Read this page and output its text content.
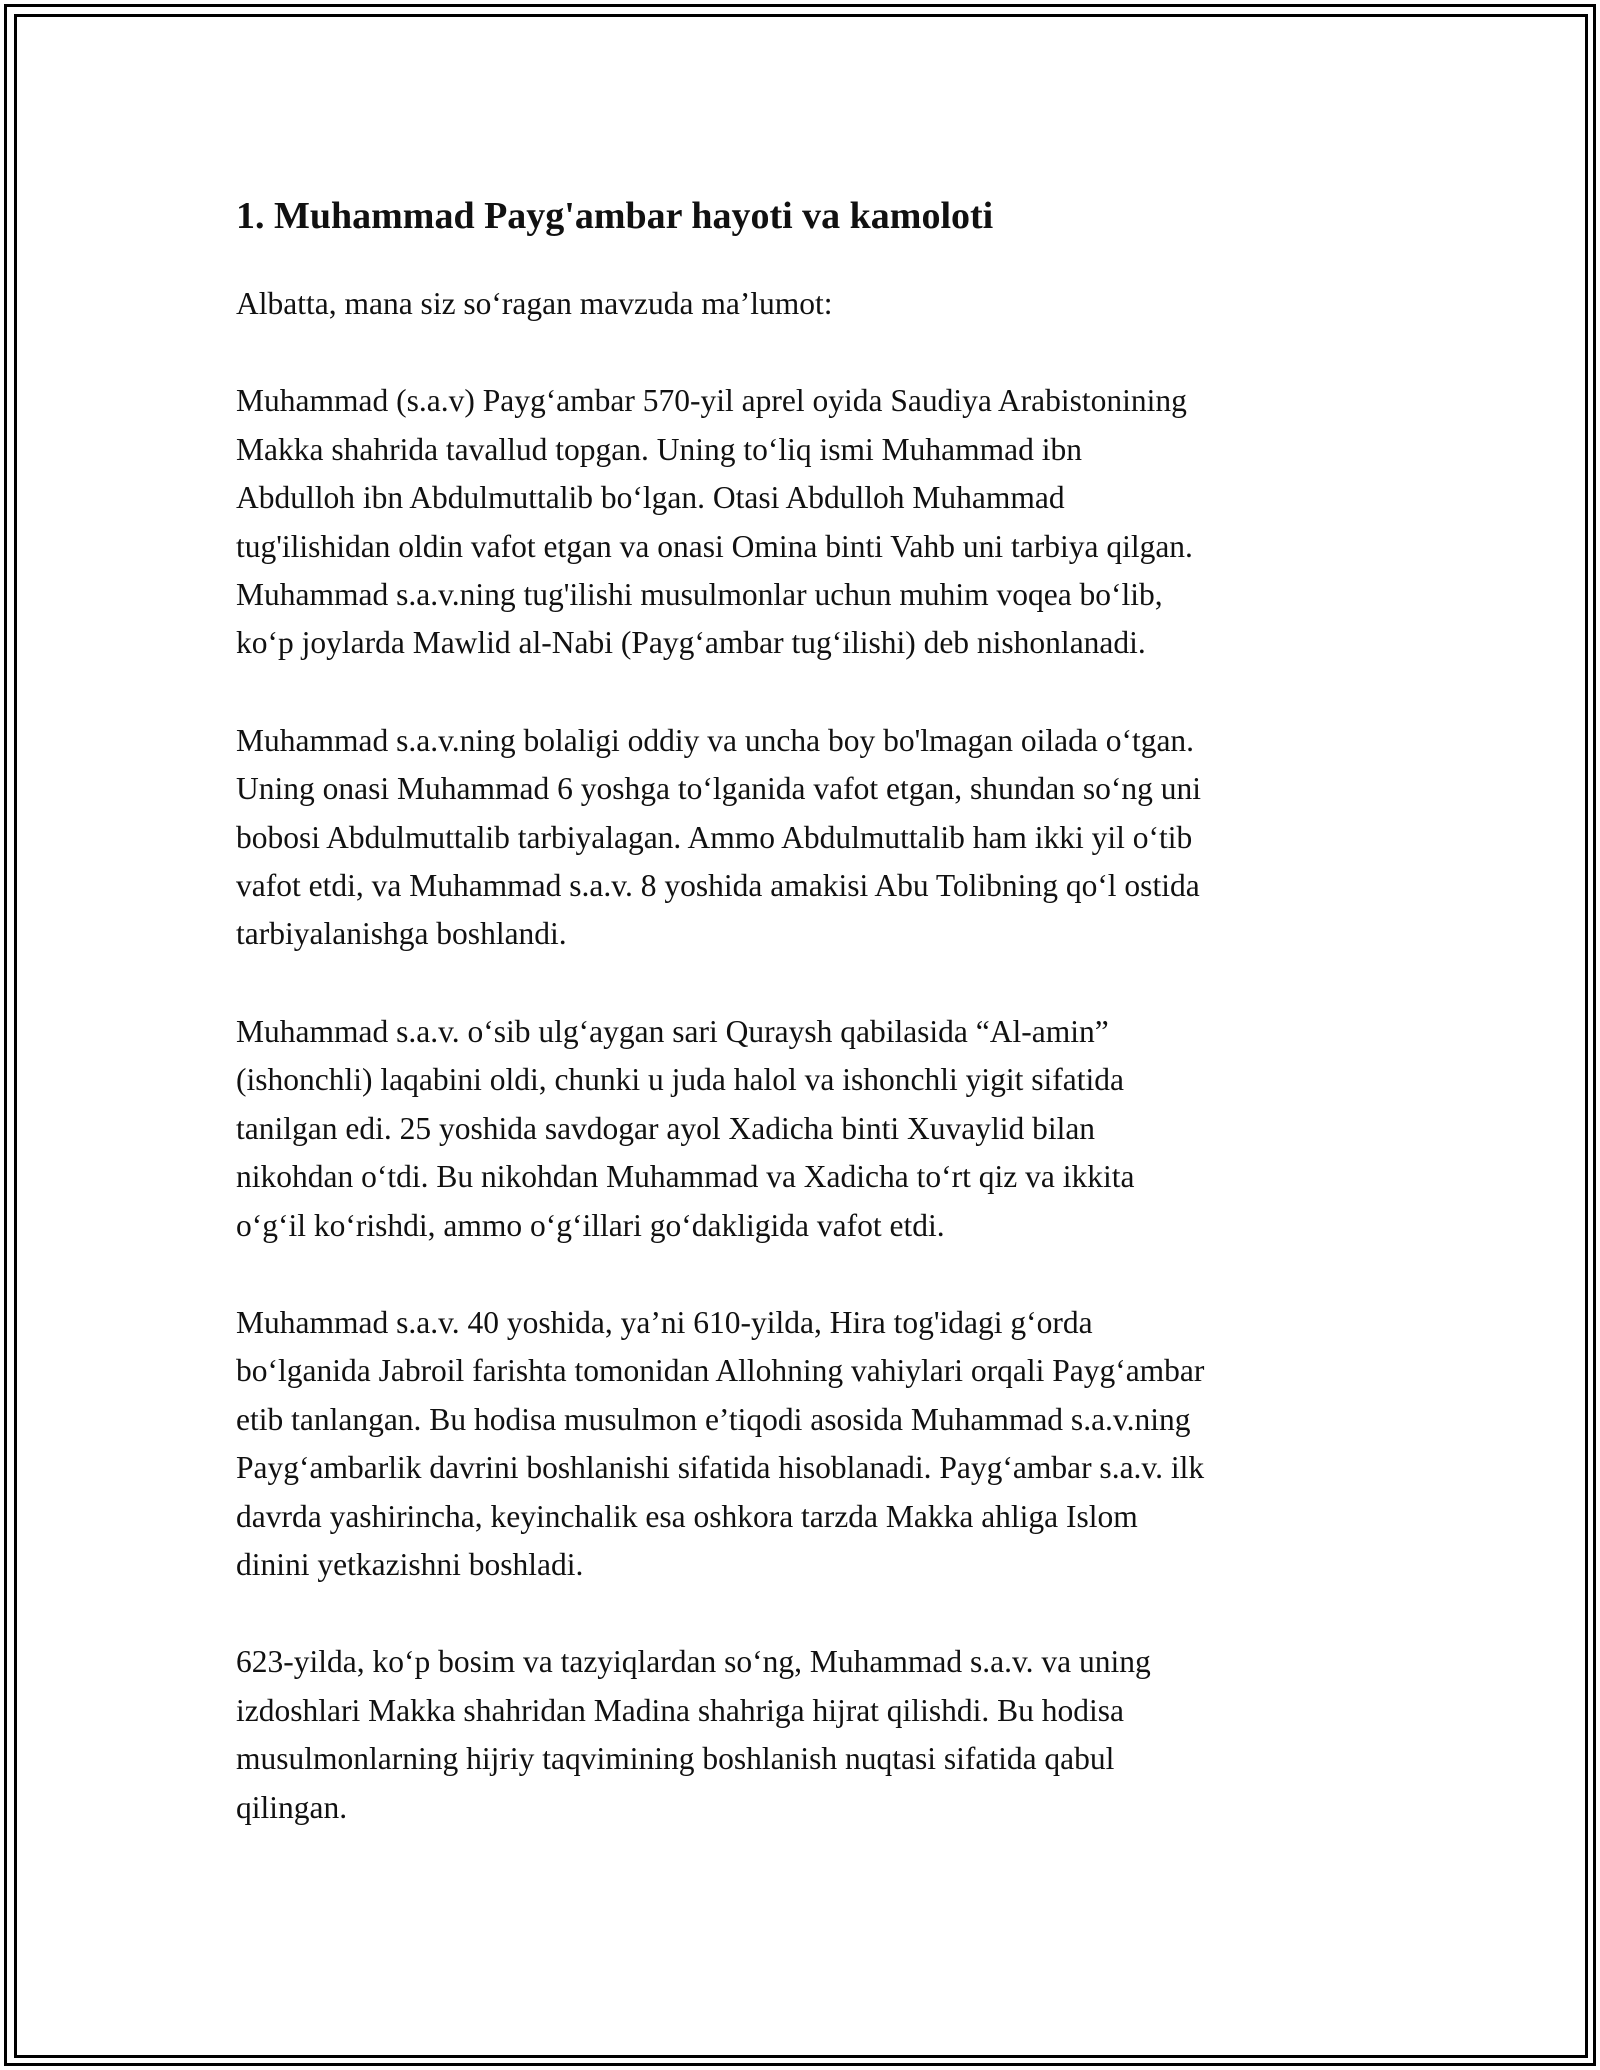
1. Muhammad Payg'ambar hayoti va kamoloti

Albatta, mana siz so‘ragan mavzuda ma’lumot:

Muhammad (s.a.v) Payg‘ambar 570-yil aprel oyida Saudiya Arabistonining
Makka shahrida tavallud topgan. Uning to‘liq ismi Muhammad ibn
Abdulloh ibn Abdulmuttalib bo‘lgan. Otasi Abdulloh Muhammad
tug'ilishidan oldin vafot etgan va onasi Omina binti Vahb uni tarbiya qilgan.
Muhammad s.a.v.ning tug'ilishi musulmonlar uchun muhim voqea bo‘lib,
ko‘p joylarda Mawlid al-Nabi (Payg‘ambar tug‘ilishi) deb nishonlanadi.

Muhammad s.a.v.ning bolaligi oddiy va uncha boy bo'lmagan oilada o‘tgan.
Uning onasi Muhammad 6 yoshga to‘lganida vafot etgan, shundan so‘ng uni
bobosi Abdulmuttalib tarbiyalagan. Ammo Abdulmuttalib ham ikki yil o‘tib
vafot etdi, va Muhammad s.a.v. 8 yoshida amakisi Abu Tolibning qo‘l ostida
tarbiyalanishga boshlandi.

Muhammad s.a.v. o‘sib ulg‘aygan sari Quraysh qabilasida “Al-amin”
(ishonchli) laqabini oldi, chunki u juda halol va ishonchli yigit sifatida
tanilgan edi. 25 yoshida savdogar ayol Xadicha binti Xuvaylid bilan
nikohdan o‘tdi. Bu nikohdan Muhammad va Xadicha to‘rt qiz va ikkita
o‘g‘il ko‘rishdi, ammo o‘g‘illari go‘dakligida vafot etdi.

Muhammad s.a.v. 40 yoshida, ya’ni 610-yilda, Hira tog'idagi g‘orda
bo‘lganida Jabroil farishta tomonidan Allohning vahiylari orqali Payg‘ambar
etib tanlangan. Bu hodisa musulmon e’tiqodi asosida Muhammad s.a.v.ning
Payg‘ambarlik davrini boshlanishi sifatida hisoblanadi. Payg‘ambar s.a.v. ilk
davrda yashirincha, keyinchalik esa oshkora tarzda Makka ahliga Islom
dinini yetkazishni boshladi.

623-yilda, ko‘p bosim va tazyiqlardan so‘ng, Muhammad s.a.v. va uning
izdoshlari Makka shahridan Madina shahriga hijrat qilishdi. Bu hodisa
musulmonlarning hijriy taqvimining boshlanish nuqtasi sifatida qabul
qilingan.
